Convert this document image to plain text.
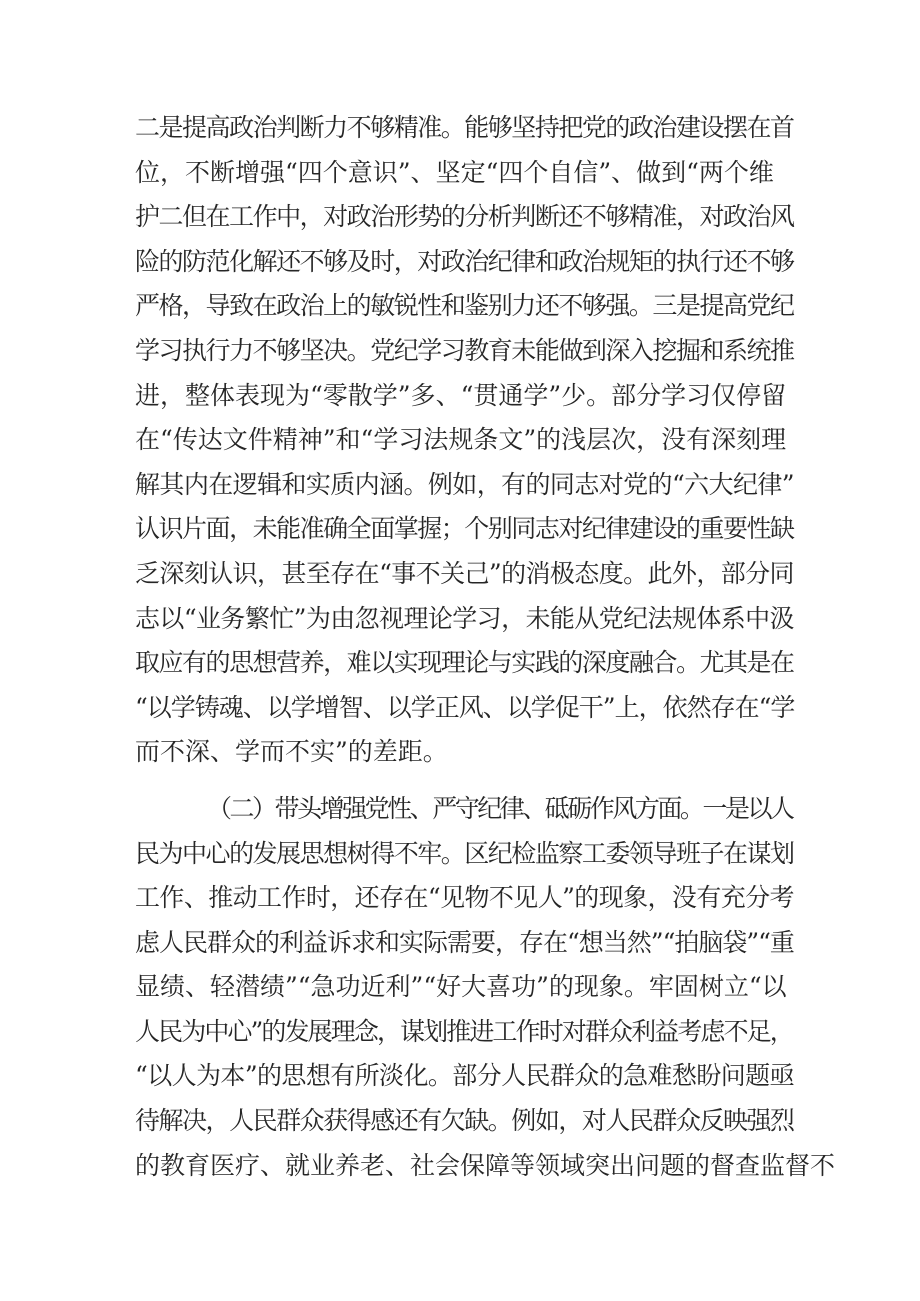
二是提高政治判断力不够精准。能够坚持把党的政治建设摆在首
位，不断增强“四个意识”、坚定“四个自信”、做到“两个维
护二但在工作中，对政治形势的分析判断还不够精准，对政治风
险的防范化解还不够及时，对政治纪律和政治规矩的执行还不够
严格，导致在政治上的敏锐性和鉴别力还不够强。三是提高党纪
学习执行力不够坚决。党纪学习教育未能做到深入挖掘和系统推
进，整体表现为“零散学”多、“贯通学”少。部分学习仅停留
在“传达文件精神”和“学习法规条文”的浅层次，没有深刻理
解其内在逻辑和实质内涵。例如，有的同志对党的“六大纪律”
认识片面，未能准确全面掌握；个别同志对纪律建设的重要性缺
乏深刻认识，甚至存在“事不关己”的消极态度。此外，部分同
志以“业务繁忙”为由忽视理论学习，未能从党纪法规体系中汲
取应有的思想营养，难以实现理论与实践的深度融合。尤其是在
“以学铸魂、以学增智、以学正风、以学促干”上，依然存在“学
而不深、学而不实”的差距。
（二）带头增强党性、严守纪律、砥砺作风方面。一是以人
民为中心的发展思想树得不牢。区纪检监察工委领导班子在谋划
工作、推动工作时，还存在“见物不见人”的现象，没有充分考
虑人民群众的利益诉求和实际需要，存在“想当然”“拍脑袋”“重
显绩、轻潜绩”“急功近利”“好大喜功”的现象。牢固树立“以
人民为中心”的发展理念，谋划推进工作时对群众利益考虑不足，
“以人为本”的思想有所淡化。部分人民群众的急难愁盼问题亟
待解决，人民群众获得感还有欠缺。例如，对人民群众反映强烈
的教育医疗、就业养老、社会保障等领域突出问题的督查监督不
